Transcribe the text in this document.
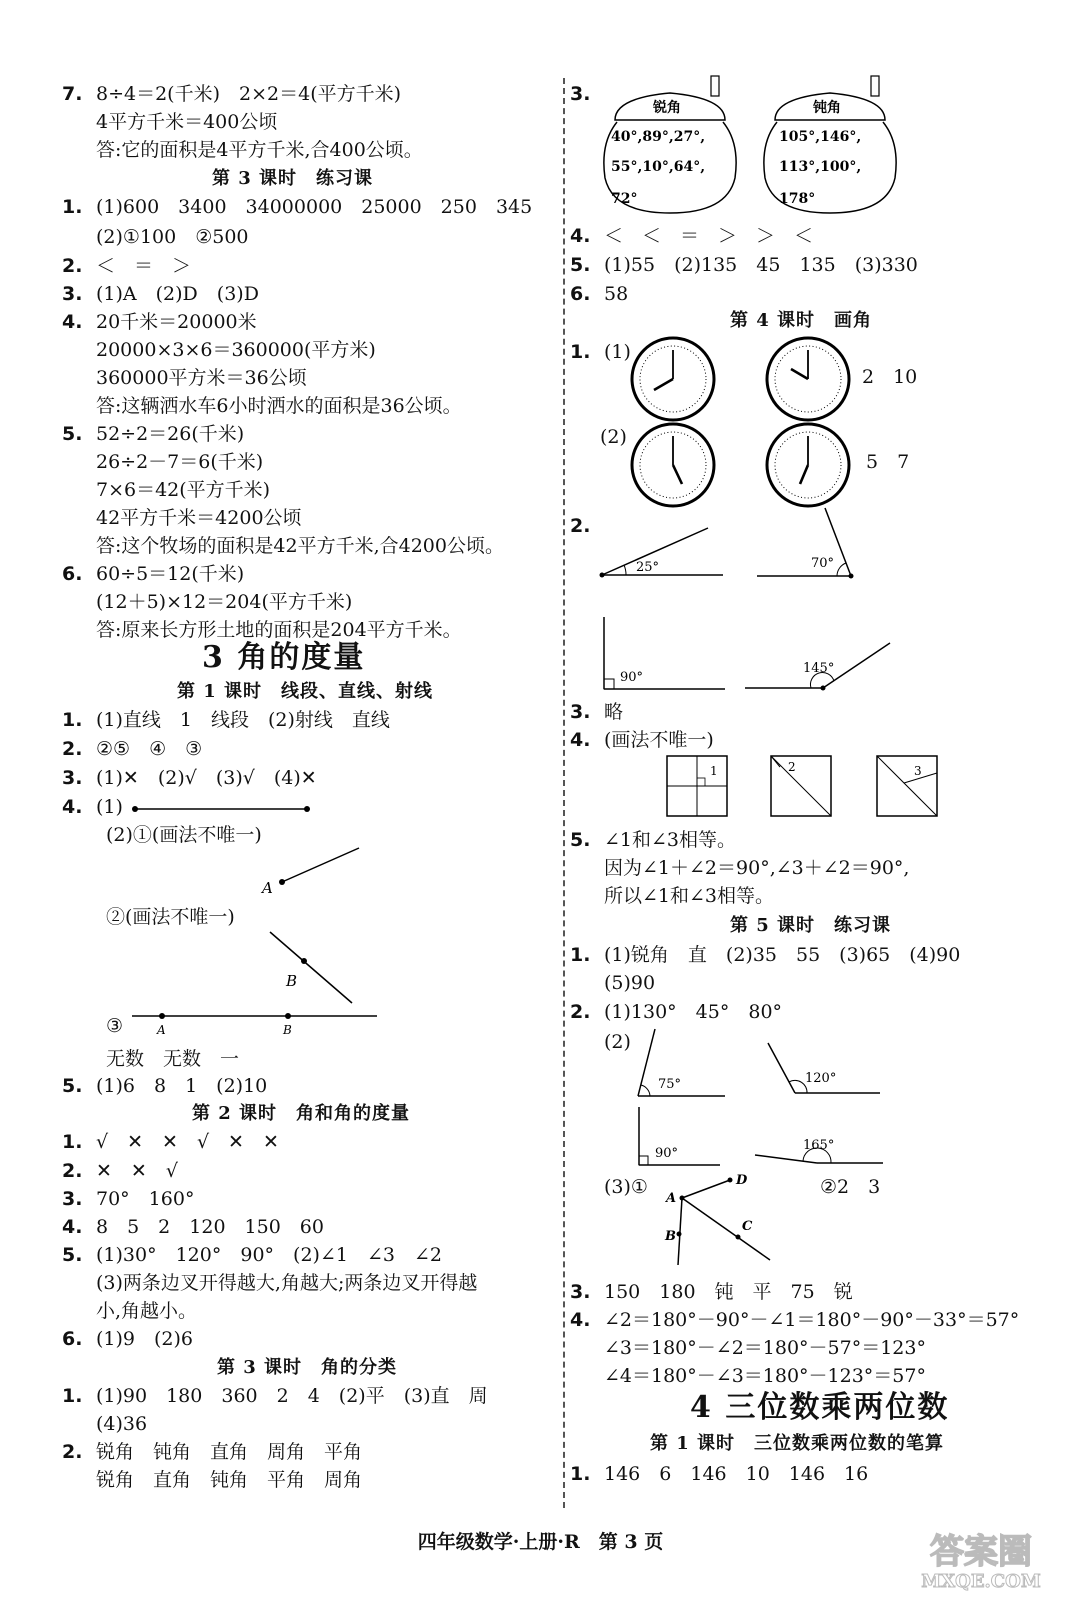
7. 8÷4＝2(千米)　2×2＝4(平方千米)
4平方千米＝400公顷
答:它的面积是4平方千米,合400公顷。
第 3 课时　练习课
1. (1)600　3400　34000000　25000　250　345
(2)①100　②500
2. ＜　＝　＞
3. (1)A　(2)D　(3)D
4. 20千米＝20000米
20000×3×6＝360000(平方米)
360000平方米＝36公顷
答:这辆洒水车6小时洒水的面积是36公顷。
5. 52÷2＝26(千米)
26÷2－7＝6(千米)
7×6＝42(平方千米)
42平方千米＝4200公顷
答:这个牧场的面积是42平方千米,合4200公顷。
6. 60÷5＝12(千米)
(12＋5)×12＝204(平方千米)
答:原来长方形土地的面积是204平方千米。
3 角的度量
第 1 课时　线段、直线、射线
1. (1)直线　1　线段　(2)射线　直线
2. ②⑤　④　③
3. (1)✕　(2)√　(3)√　(4)✕
4. (1)
(2)①(画法不唯一)
②(画法不唯一)
③
无数　无数　一
5. (1)6　8　1　(2)10
A
B
A	B
第 2 课时　角和角的度量
1. √　✕　✕　√　✕　✕
2. ✕　✕　√
3. 70°　160°
4. 8　5　2　120　150　60
5. (1)30°　120°　90°　(2)∠1　∠3　∠2
(3)两条边叉开得越大,角越大;两条边叉开得越
小,角越小。
6. (1)9　(2)6
第 3 课时　角的分类
1. (1)90　180　360　2　4　(2)平　(3)直　周
(4)36
2. 锐角　钝角　直角　周角　平角
锐角　直角　钝角　平角　周角
3.
锐角
40°,89°,27°,
55°,10°,64°,
72°
钝角
105°,146°,
113°,100°,
178°
4. ＜　＜　＝　＞　＞　＜
5. (1)55　(2)135　45　135　(3)330
6. 58
第 4 课时　画角
1. (1)
2　10
(2)
5　7
2.
25°	70°
90°
145°
3. 略
4. (画法不唯一)
1	2	3
5. ∠1和∠3相等。
因为∠1＋∠2＝90°,∠3＋∠2＝90°,
所以∠1和∠3相等。
第 5 课时　练习课
1. (1)锐角　直　(2)35　55　(3)65　(4)90
(5)90
2. (1)130°　45°　80°
(2)
75°	120°
90°
165°
(3)①	②2　3
A
B
C
D
3. 150　180　钝　平　75　锐
4. ∠2＝180°－90°－∠1＝180°－90°－33°＝57°
∠3＝180°－∠2＝180°－57°＝123°
∠4＝180°－∠3＝180°－123°＝57°
4 三位数乘两位数
第 1 课时　三位数乘两位数的笔算
1. 146　6　146　10　146　16
四年级数学·上册·R　第 3 页	答案圈
MXQE.COM
